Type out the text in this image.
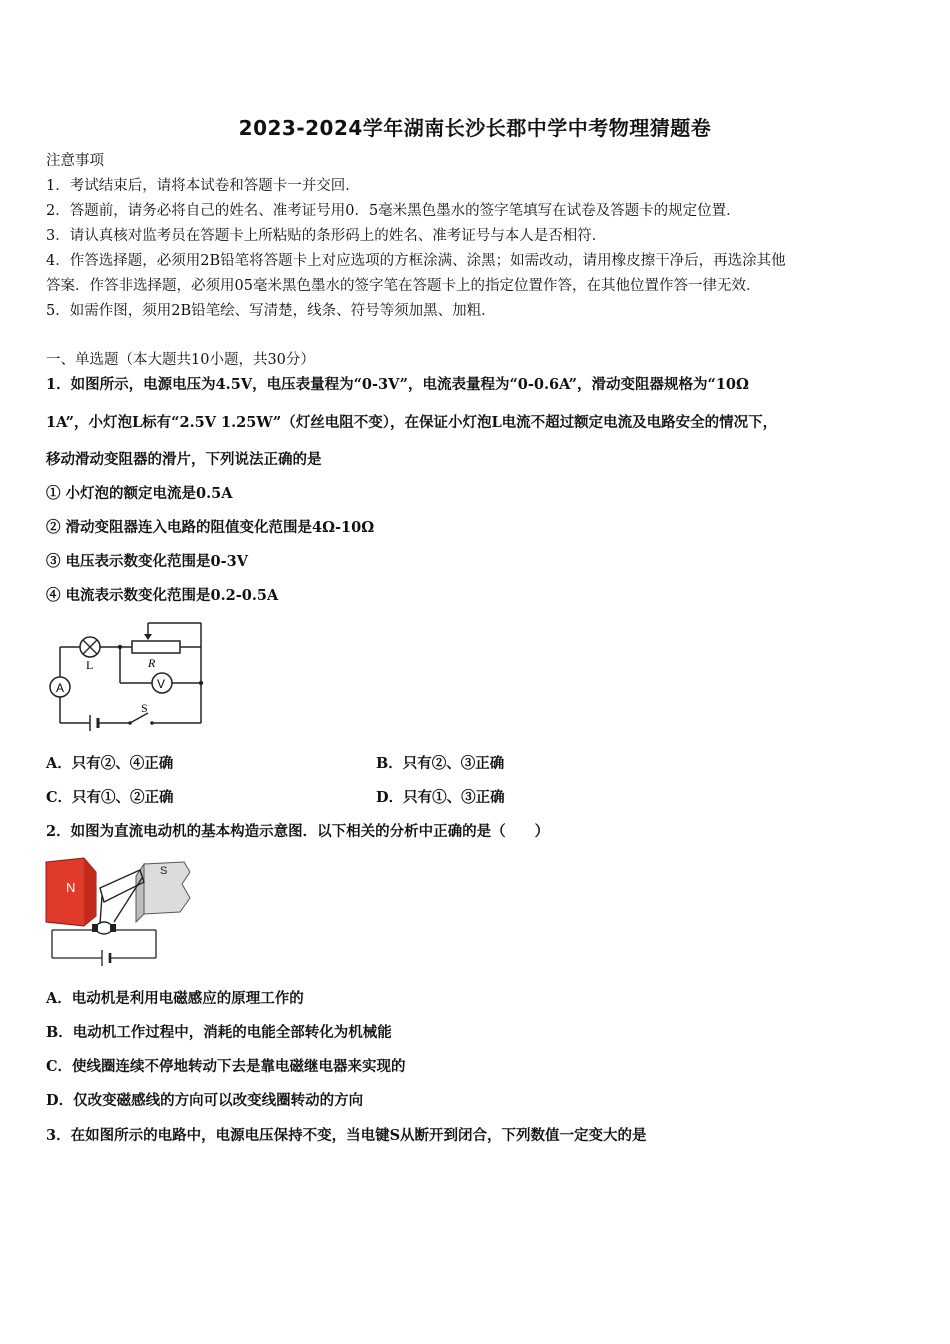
2023-2024学年湖南长沙长郡中学中考物理猜题卷
注意事项
1．考试结束后，请将本试卷和答题卡一并交回．
2．答题前，请务必将自己的姓名、准考证号用0．5毫米黑色墨水的签字笔填写在试卷及答题卡的规定位置．
3．请认真核对监考员在答题卡上所粘贴的条形码上的姓名、准考证号与本人是否相符．
4．作答选择题，必须用2B铅笔将答题卡上对应选项的方框涂满、涂黑；如需改动，请用橡皮擦干净后，再选涂其他
答案．作答非选择题，必须用05毫米黑色墨水的签字笔在答题卡上的指定位置作答，在其他位置作答一律无效．
5．如需作图，须用2B铅笔绘、写清楚，线条、符号等须加黑、加粗．
一、单选题（本大题共10小题，共30分）
1．如图所示，电源电压为4.5V，电压表量程为“0-3V”，电流表量程为“0-0.6A”，滑动变阻器规格为“10Ω
1A”，小灯泡L标有“2.5V 1.25W”（灯丝电阻不变），在保证小灯泡L电流不超过额定电流及电路安全的情况下，
移动滑动变阻器的滑片，下列说法正确的是
① 小灯泡的额定电流是0.5A
② 滑动变阻器连入电路的阻值变化范围是4Ω-10Ω
③ 电压表示数变化范围是0-3V
④ 电流表示数变化范围是0.2-0.5A
A	V
L	R
S
A．只有②、④正确	B．只有②、③正确
C．只有①、②正确	D．只有①、③正确
2．如图为直流电动机的基本构造示意图．以下相关的分析中正确的是（　　）
N
S
A．电动机是利用电磁感应的原理工作的
B．电动机工作过程中，消耗的电能全部转化为机械能
C．使线圈连续不停地转动下去是靠电磁继电器来实现的
D．仅改变磁感线的方向可以改变线圈转动的方向
3．在如图所示的电路中，电源电压保持不变，当电键S从断开到闭合，下列数值一定变大的是
